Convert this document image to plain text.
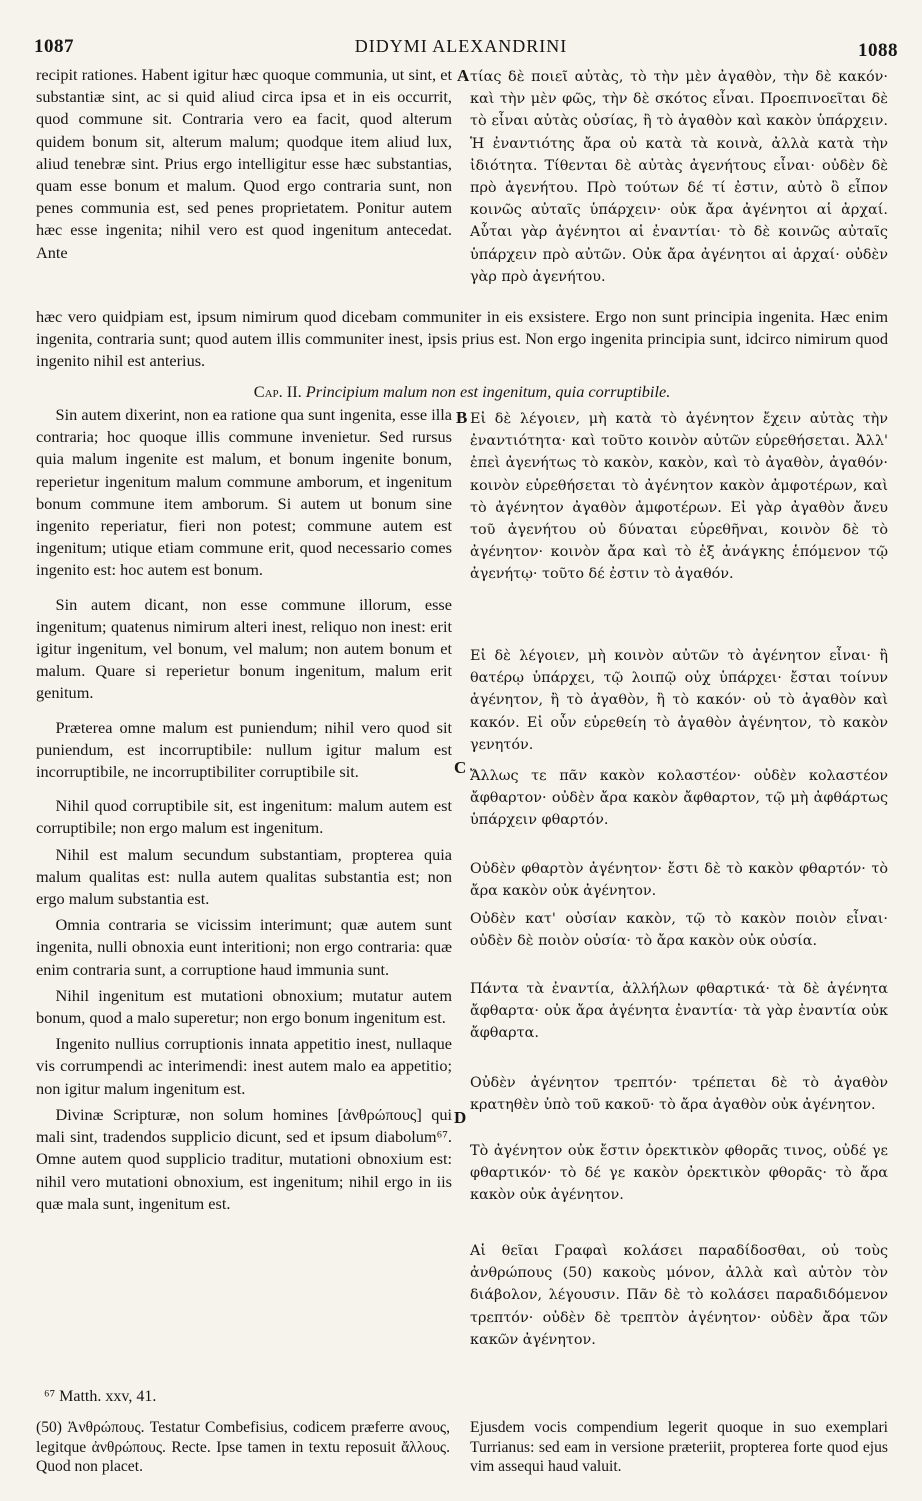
1087	DIDYMI ALEXANDRINI	1088
recipit rationes. Habent igitur hæc quoque communia, ut sint, et substantiæ sint, ac si quid aliud circa ipsa et in eis occurrit, quod commune sit. Contraria vero ea facit, quod alterum quidem bonum sit, alterum malum; quodque item aliud lux, aliud tenebræ sint. Prius ergo intelligitur esse hæc substantias, quam esse bonum et malum. Quod ergo contraria sunt, non penes communia est, sed penes proprietatem. Ponitur autem hæc esse ingenita; nihil vero est quod ingenitum antecedat. Ante
A τίας δὲ ποιεῖ αὐτὰς, τὸ τὴν μὲν ἀγαθὸν, τὴν δὲ κακόν· καὶ τὴν μὲν φῶς, τὴν δὲ σκότος εἶναι. Προεπινοεῖται δὲ τὸ εἶναι αὐτὰς οὐσίας, ἢ τὸ ἀγαθὸν καὶ κακὸν ὑπάρχειν. Ἡ ἐναντιότης ἄρα οὐ κατὰ τὰ κοινὰ, ἀλλὰ κατὰ τὴν ἰδιότητα. Τίθενται δὲ αὐτὰς ἀγενήτους εἶναι· οὐδὲν δὲ πρὸ ἀγενήτου. Πρὸ τούτων δέ τί ἐστιν, αὐτὸ ὃ εἶπον κοινῶς αὐταῖς ὑπάρχειν· οὐκ ἄρα ἀγένητοι αἱ ἀρχαί. Αὗται γὰρ ἀγένητοι αἱ ἐναντίαι· τὸ δὲ κοινῶς αὐταῖς ὑπάρχειν πρὸ αὐτῶν. Οὐκ ἄρα ἀγένητοι αἱ ἀρχαί· οὐδὲν γὰρ πρὸ ἀγενήτου.
hæc vero quidpiam est, ipsum nimirum quod dicebam communiter in eis exsistere. Ergo non sunt principia ingenita. Hæc enim ingenita, contraria sunt; quod autem illis communiter inest, ipsis prius est. Non ergo ingenita principia sunt, idcirco nimirum quod ingenito nihil est anterius.
Cap. II. Principium malum non est ingenitum, quia corruptibile.

Sin autem dixerint, non ea ratione qua sunt ingenita, esse illa contraria; hoc quoque illis commune invenietur. Sed rursus quia malum ingenite est malum, et bonum ingenite bonum, reperietur ingenitum malum commune amborum, et ingenitum bonum commune item amborum. Si autem ut bonum sine ingenito reperiatur, fieri non potest; commune autem est ingenitum; utique etiam commune erit, quod necessario comes ingenito est: hoc autem est bonum.

Sin autem dicant, non esse commune illorum, esse ingenitum; quatenus nimirum alteri inest, reliquo non inest: erit igitur ingenitum, vel bonum, vel malum; non autem bonum et malum. Quare si reperietur bonum ingenitum, malum erit genitum.

Præterea omne malum est puniendum; nihil vero quod sit puniendum, est incorruptibile: nullum igitur malum est incorruptibile, ne incorruptibiliter corruptibile sit.

Nihil quod corruptibile sit, est ingenitum: malum autem est corruptibile; non ergo malum est ingenitum.

Nihil est malum secundum substantiam, propterea quia malum qualitas est: nulla autem qualitas substantia est; non ergo malum substantia est.

Omnia contraria se vicissim interimunt; quæ autem sunt ingenita, nulli obnoxia eunt interitioni; non ergo contraria: quæ enim contraria sunt, a corruptione haud immunia sunt.

Nihil ingenitum est mutationi obnoxium; mutatur autem bonum, quod a malo superetur; non ergo bonum ingenitum est.

Ingenito nullius corruptionis innata appetitio inest, nullaque vis corrumpendi ac interimendi: inest autem malo ea appetitio; non igitur malum ingenitum est.

Divinæ Scripturæ, non solum homines [ἀνθρώπους] qui mali sint, tradendos supplicio dicunt, sed et ipsum diabolum⁶⁷. Omne autem quod supplicio traditur, mutationi obnoxium est: nihil vero mutationi obnoxium, est ingenitum; nihil ergo in iis quæ mala sunt, ingenitum est.

B
C
D
Εἰ δὲ λέγοιεν, μὴ κατὰ τὸ ἀγένητον ἔχειν αὐτὰς τὴν ἐναντιότητα· καὶ τοῦτο κοινὸν αὐτῶν εὑρεθήσεται. Ἀλλ' ἐπεὶ ἀγενήτως τὸ κακὸν, κακὸν, καὶ τὸ ἀγαθὸν, ἀγαθόν· κοινὸν εὑρεθήσεται τὸ ἀγένητον κακὸν ἀμφοτέρων, καὶ τὸ ἀγένητον ἀγαθὸν ἀμφοτέρων. Εἰ γὰρ ἀγαθὸν ἄνευ τοῦ ἀγενήτου οὐ δύναται εὑρεθῆναι, κοινὸν δὲ τὸ ἀγένητον· κοινὸν ἄρα καὶ τὸ ἐξ ἀνάγκης ἑπόμενον τῷ ἀγενήτῳ· τοῦτο δέ ἐστιν τὸ ἀγαθόν.
Εἰ δὲ λέγοιεν, μὴ κοινὸν αὐτῶν τὸ ἀγένητον εἶναι· ἢ θατέρῳ ὑπάρχει, τῷ λοιπῷ οὐχ ὑπάρχει· ἔσται τοίνυν ἀγένητον, ἢ τὸ ἀγαθὸν, ἢ τὸ κακόν· οὐ τὸ ἀγαθὸν καὶ κακόν. Εἰ οὖν εὑρεθείη τὸ ἀγαθὸν ἀγένητον, τὸ κακὸν γενητόν.
Ἄλλως τε πᾶν κακὸν κολαστέον· οὐδὲν κολαστέον ἄφθαρτον· οὐδὲν ἄρα κακὸν ἄφθαρτον, τῷ μὴ ἀφθάρτως ὑπάρχειν φθαρτόν.
Οὐδὲν φθαρτὸν ἀγένητον· ἔστι δὲ τὸ κακὸν φθαρτόν· τὸ ἄρα κακὸν οὐκ ἀγένητον.
Οὐδὲν κατ' οὐσίαν κακὸν, τῷ τὸ κακὸν ποιὸν εἶναι· οὐδὲν δὲ ποιὸν οὐσία· τὸ ἄρα κακὸν οὐκ οὐσία.
Πάντα τὰ ἐναντία, ἀλλήλων φθαρτικά· τὰ δὲ ἀγένητα ἄφθαρτα· οὐκ ἄρα ἀγένητα ἐναντία· τὰ γὰρ ἐναντία οὐκ ἄφθαρτα.
Οὐδὲν ἀγένητον τρεπτόν· τρέπεται δὲ τὸ ἀγαθὸν κρατηθὲν ὑπὸ τοῦ κακοῦ· τὸ ἄρα ἀγαθὸν οὐκ ἀγένητον.
Τὸ ἀγένητον οὐκ ἔστιν ὀρεκτικὸν φθορᾶς τινος, οὐδέ γε φθαρτικόν· τὸ δέ γε κακὸν ὀρεκτικὸν φθορᾶς· τὸ ἄρα κακὸν οὐκ ἀγένητον.
Αἱ θεῖαι Γραφαὶ κολάσει παραδίδοσθαι, οὐ τοὺς ἀνθρώπους (50) κακοὺς μόνον, ἀλλὰ καὶ αὐτὸν τὸν διάβολον, λέγουσιν. Πᾶν δὲ τὸ κολάσει παραδιδόμενον τρεπτόν· οὐδὲν δὲ τρεπτὸν ἀγένητον· οὐδὲν ἄρα τῶν κακῶν ἀγένητον.
⁶⁷ Matth. xxv, 41.
(50) Ἀνθρώπους. Testatur Combefisius, codicem præferre ανους, legitque ἀνθρώπους. Recte. Ipse tamen in textu reposuit ἄλλους. Quod non placet.
Ejusdem vocis compendium legerit quoque in suo exemplari Turrianus: sed eam in versione præteriit, propterea forte quod ejus vim assequi haud valuit.
